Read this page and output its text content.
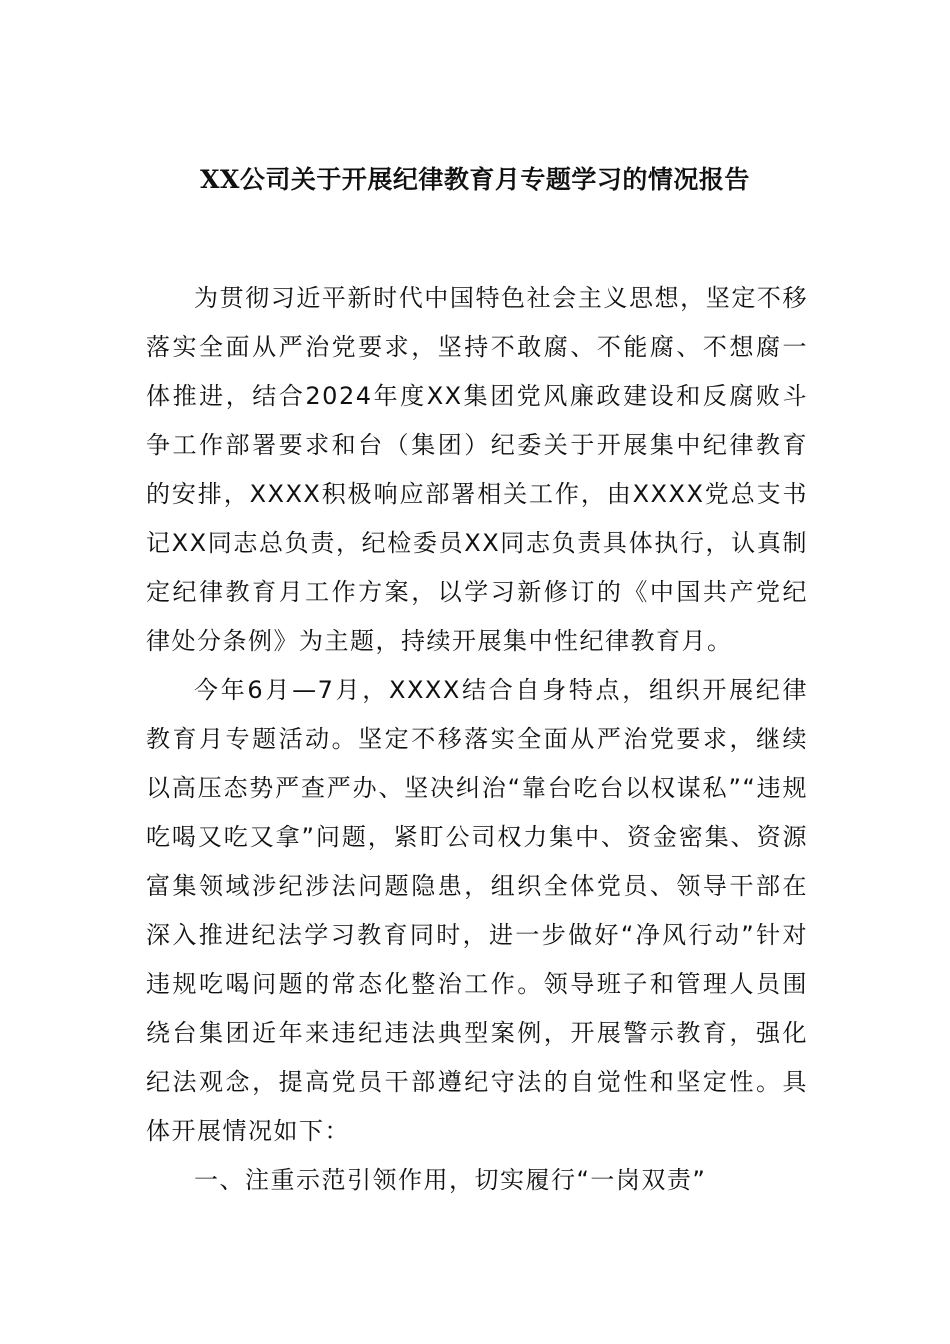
XX公司关于开展纪律教育月专题学习的情况报告

为贯彻习近平新时代中国特色社会主义思想，坚定不移落实全面从严治党要求，坚持不敢腐、不能腐、不想腐一体推进，结合2024年度XX集团党风廉政建设和反腐败斗争工作部署要求和台（集团）纪委关于开展集中纪律教育的安排，XXXX积极响应部署相关工作，由XXXX党总支书记XX同志总负责，纪检委员XX同志负责具体执行，认真制定纪律教育月工作方案，以学习新修订的《中国共产党纪律处分条例》为主题，持续开展集中性纪律教育月。

今年6月—7月，XXXX结合自身特点，组织开展纪律教育月专题活动。坚定不移落实全面从严治党要求，继续以高压态势严查严办、坚决纠治“靠台吃台以权谋私”“违规吃喝又吃又拿”问题，紧盯公司权力集中、资金密集、资源富集领域涉纪涉法问题隐患，组织全体党员、领导干部在深入推进纪法学习教育同时，进一步做好“净风行动”针对违规吃喝问题的常态化整治工作。领导班子和管理人员围绕台集团近年来违纪违法典型案例，开展警示教育，强化纪法观念，提高党员干部遵纪守法的自觉性和坚定性。具体开展情况如下：

一、注重示范引领作用，切实履行“一岗双责”
